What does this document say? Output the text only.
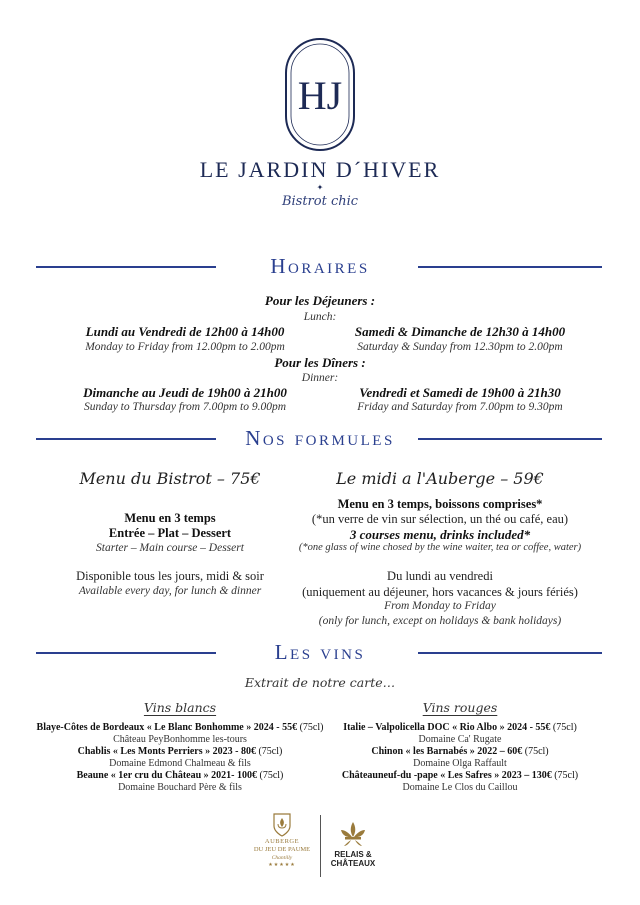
HJ
LE JARDIN D´HIVER
✦
Bistrot chic
Horaires
Pour les Déjeuners :
Lunch:
Lundi au Vendredi de 12h00 à 14h00
Monday to Friday from 12.00pm to 2.00pm
Samedi & Dimanche de 12h30 à 14h00
Saturday & Sunday from 12.30pm to 2.00pm
Pour les Dîners :
Dinner:
Dimanche au Jeudi de 19h00 à 21h00
Sunday to Thursday from 7.00pm to 9.00pm
Vendredi et Samedi de 19h00 à 21h30
Friday and Saturday from 7.00pm to 9.30pm
Nos formules
Menu du Bistrot – 75€
Menu en 3 temps
Entrée – Plat – Dessert
Starter – Main course – Dessert
Disponible tous les jours, midi & soir
Available every day, for lunch & dinner
Le midi a l'Auberge – 59€
Menu en 3 temps, boissons comprises*
(*un verre de vin sur sélection, un thé ou café, eau)
3 courses menu, drinks included*
(*one glass of wine chosed by the wine waiter, tea or coffee, water)
Du lundi au vendredi
(uniquement au déjeuner, hors vacances & jours fériés)
From Monday to Friday
(only for lunch, except on holidays & bank holidays)
Les vins
Extrait de notre carte…
Vins blancs
Blaye-Côtes de Bordeaux « Le Blanc Bonhomme » 2024 - 55€ (75cl)
Château PeyBonhomme les-tours
Chablis « Les Monts Perriers » 2023 - 80€ (75cl)
Domaine Edmond Chalmeau & fils
Beaune « 1er cru du Château » 2021- 100€ (75cl)
Domaine Bouchard Père & fils
Vins rouges
Italie – Valpolicella DOC « Rio Albo » 2024 - 55€ (75cl)
Domaine Ca' Rugate
Chinon « les Barnabés » 2022 – 60€ (75cl)
Domaine Olga Raffault
Châteauneuf-du -pape « Les Safres » 2023 – 130€ (75cl)
Domaine Le Clos du Caillou
AUBERGE
DU JEU DE PAUME
Chantilly
★★★★★
RELAIS &
CHÂTEAUX
